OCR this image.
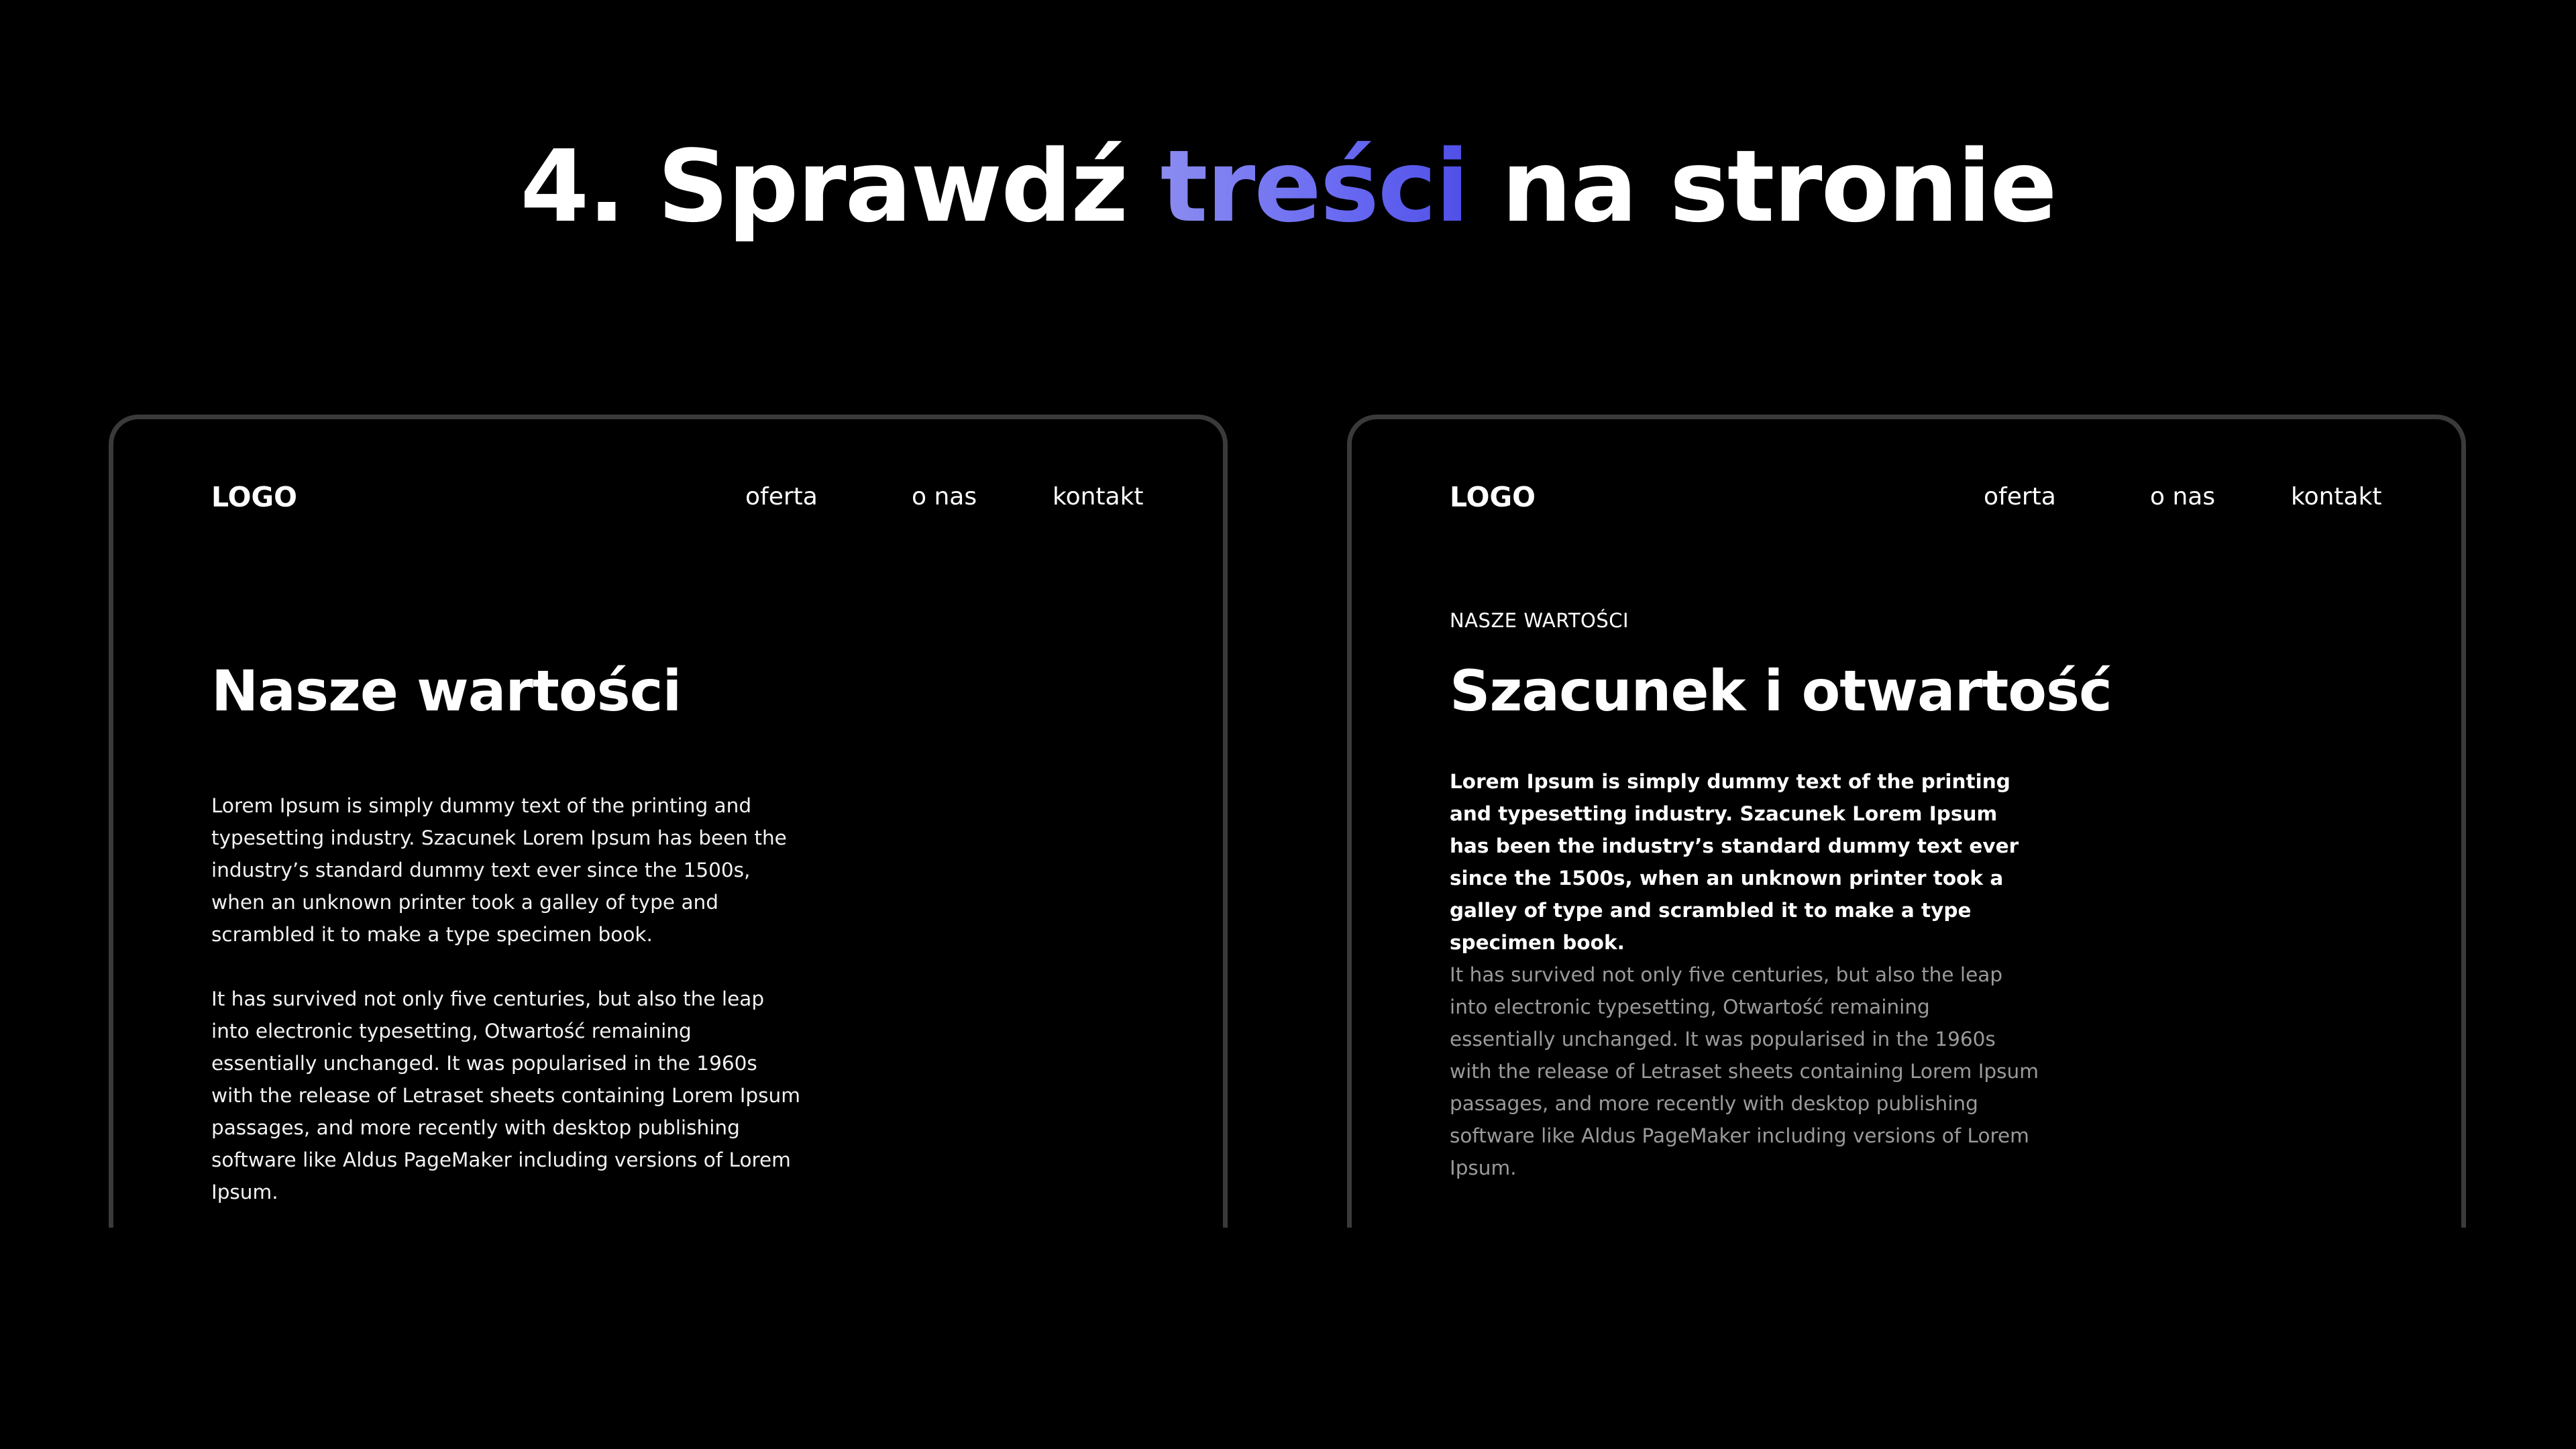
4. Sprawdź treści na stronie
LOGO	oferta	o nas	kontakt
Nasze wartości

Lorem Ipsum is simply dummy text of the printing and typesetting industry. Szacunek Lorem Ipsum has been the industry’s standard dummy text ever since the 1500s, when an unknown printer took a galley of type and scrambled it to make a type specimen book.

It has survived not only five centuries, but also the leap into electronic typesetting, Otwartość remaining essentially unchanged. It was popularised in the 1960s with the release of Letraset sheets containing Lorem Ipsum passages, and more recently with desktop publishing software like Aldus PageMaker including versions of Lorem Ipsum.

LOGO	oferta	o nas	kontakt
NASZE WARTOŚCI
Szacunek i otwartość

Lorem Ipsum is simply dummy text of the printing and typesetting industry. Szacunek Lorem Ipsum has been the industry’s standard dummy text ever since the 1500s, when an unknown printer took a galley of type and scrambled it to make a type specimen book.

It has survived not only five centuries, but also the leap into electronic typesetting, Otwartość remaining essentially unchanged. It was popularised in the 1960s with the release of Letraset sheets containing Lorem Ipsum passages, and more recently with desktop publishing software like Aldus PageMaker including versions of Lorem Ipsum.
